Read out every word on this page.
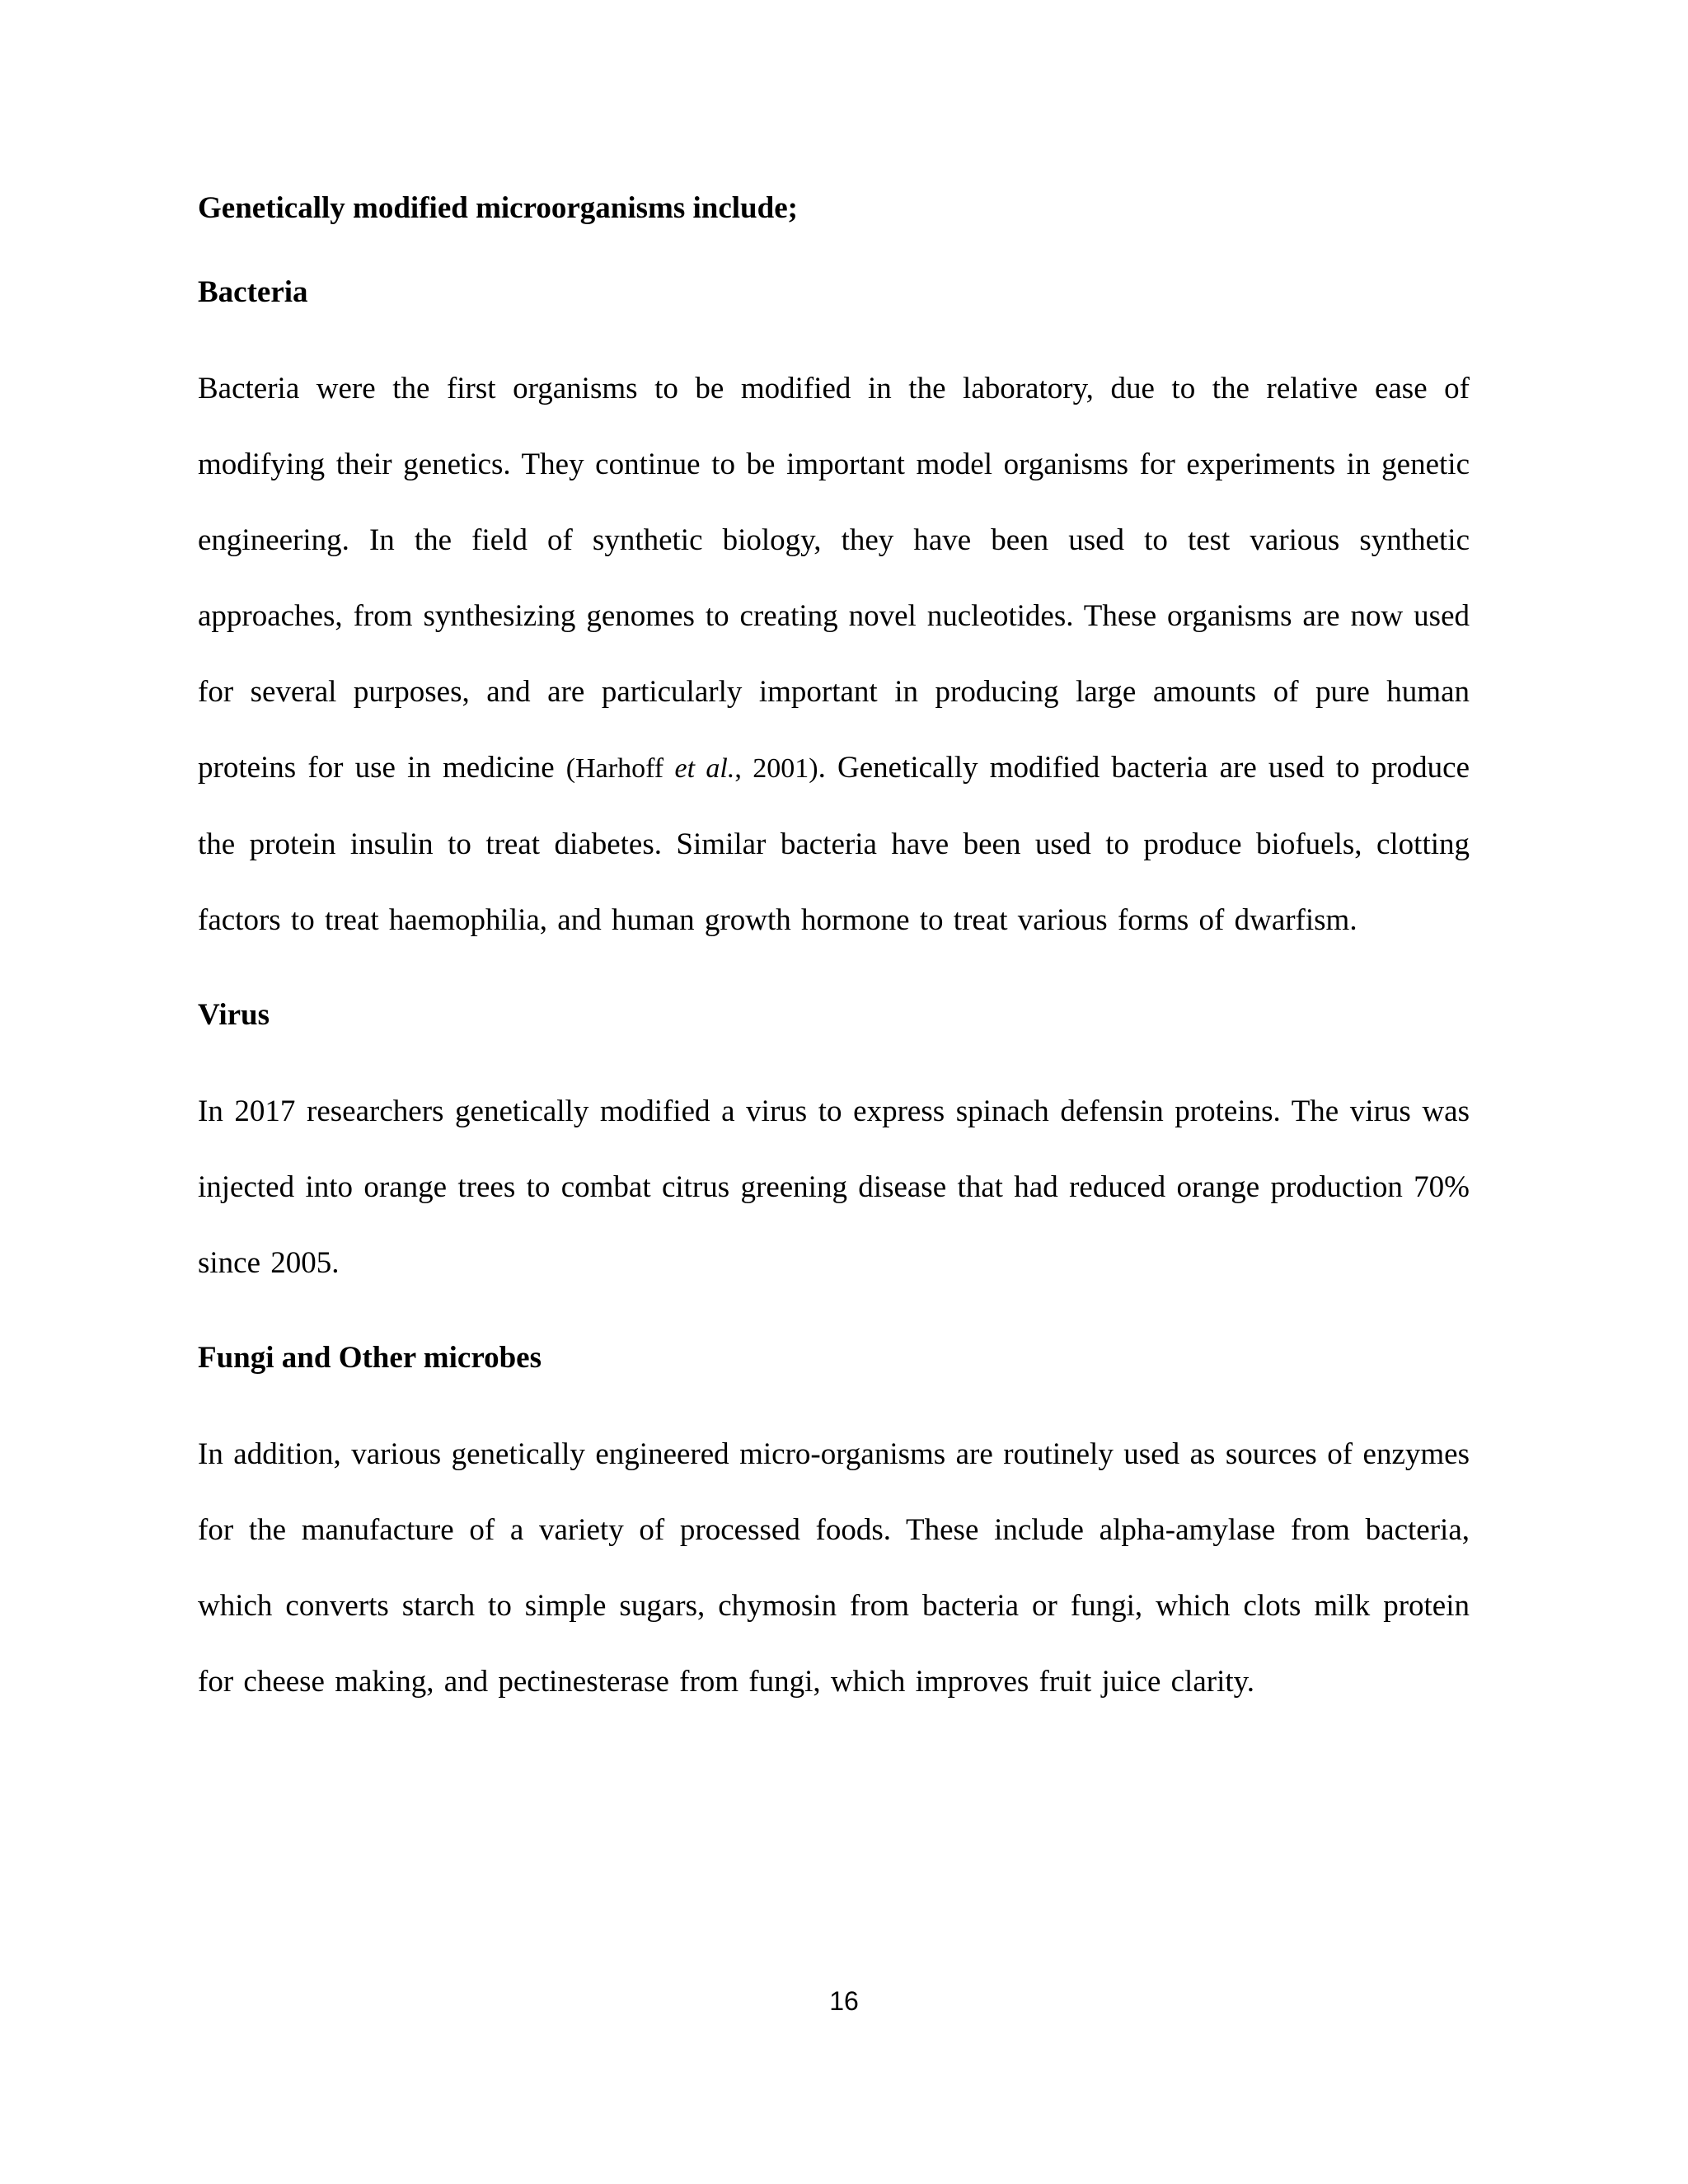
Genetically modified microorganisms include;

Bacteria

Bacteria were the first organisms to be modified in the laboratory, due to the relative ease of modifying their genetics. They continue to be important model organisms for experiments in genetic engineering. In the field of synthetic biology, they have been used to test various synthetic approaches, from synthesizing genomes to creating novel nucleotides. These organisms are now used for several purposes, and are particularly important in producing large amounts of pure human proteins for use in medicine (Harhoff et al., 2001). Genetically modified bacteria are used to produce the protein insulin to treat diabetes. Similar bacteria have been used to produce biofuels, clotting factors to treat haemophilia, and human growth hormone to treat various forms of dwarfism.

Virus

In 2017 researchers genetically modified a virus to express spinach defensin proteins. The virus was injected into orange trees to combat citrus greening disease that had reduced orange production 70% since 2005.

Fungi and Other microbes

In addition, various genetically engineered micro-organisms are routinely used as sources of enzymes for the manufacture of a variety of processed foods. These include alpha-amylase from bacteria, which converts starch to simple sugars, chymosin from bacteria or fungi, which clots milk protein for cheese making, and pectinesterase from fungi, which improves fruit juice clarity.

16
